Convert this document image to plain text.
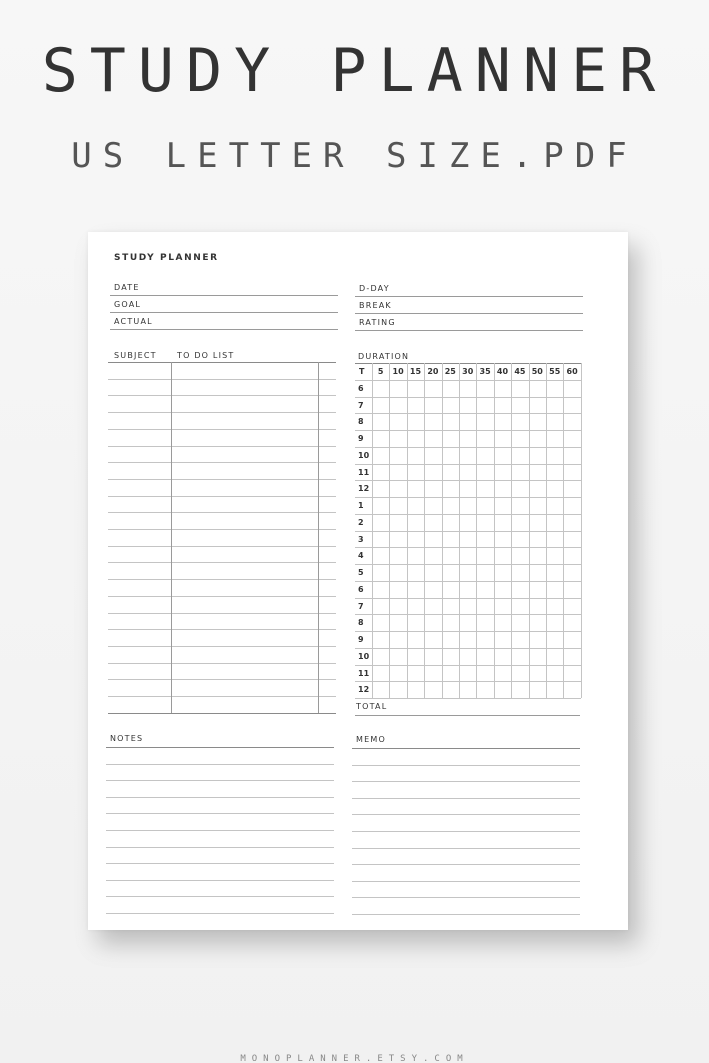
STUDY PLANNER
US LETTER SIZE.PDF
STUDY PLANNER
DATE
GOAL
ACTUAL
D-DAY
BREAK
RATING
SUBJECT	TO DO LIST	DURATION
NOTES	MEMO
T	5	10 15 20 25 30 35 40 45 50 55 60
6
7
8
9
10
11
12
1
2
3
4
5
6
7
8
9
10
11
12
TOTAL
MONOPLANNER.ETSY.COM
